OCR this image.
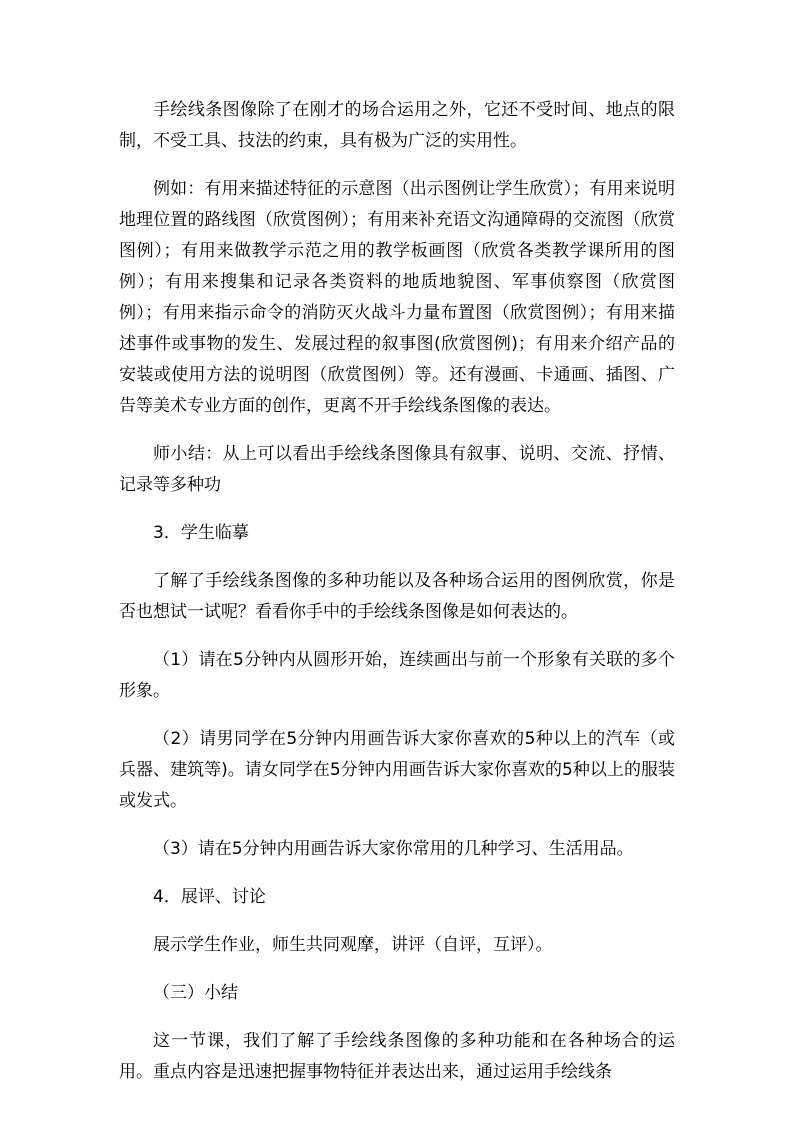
手绘线条图像除了在刚才的场合运用之外，它还不受时间、地点的限制，不受工具、技法的约束，具有极为广泛的实用性。

例如：有用来描述特征的示意图（出示图例让学生欣赏）；有用来说明地理位置的路线图（欣赏图例）；有用来补充语文沟通障碍的交流图（欣赏图例）；有用来做教学示范之用的教学板画图（欣赏各类教学课所用的图例）；有用来搜集和记录各类资料的地质地貌图、军事侦察图（欣赏图例）；有用来指示命令的消防灭火战斗力量布置图（欣赏图例）；有用来描述事件或事物的发生、发展过程的叙事图(欣赏图例)；有用来介绍产品的安装或使用方法的说明图（欣赏图例）等。还有漫画、卡通画、插图、广告等美术专业方面的创作，更离不开手绘线条图像的表达。

师小结：从上可以看出手绘线条图像具有叙事、说明、交流、抒情、记录等多种功

3．学生临摹

了解了手绘线条图像的多种功能以及各种场合运用的图例欣赏，你是否也想试一试呢？看看你手中的手绘线条图像是如何表达的。

（1）请在5分钟内从圆形开始，连续画出与前一个形象有关联的多个形象。

（2）请男同学在5分钟内用画告诉大家你喜欢的5种以上的汽车（或兵器、建筑等)。请女同学在5分钟内用画告诉大家你喜欢的5种以上的服装或发式。

（3）请在5分钟内用画告诉大家你常用的几种学习、生活用品。

4．展评、讨论

展示学生作业，师生共同观摩，讲评（自评，互评）。

（三）小结

这一节课，我们了解了手绘线条图像的多种功能和在各种场合的运用。重点内容是迅速把握事物特征并表达出来，通过运用手绘线条
